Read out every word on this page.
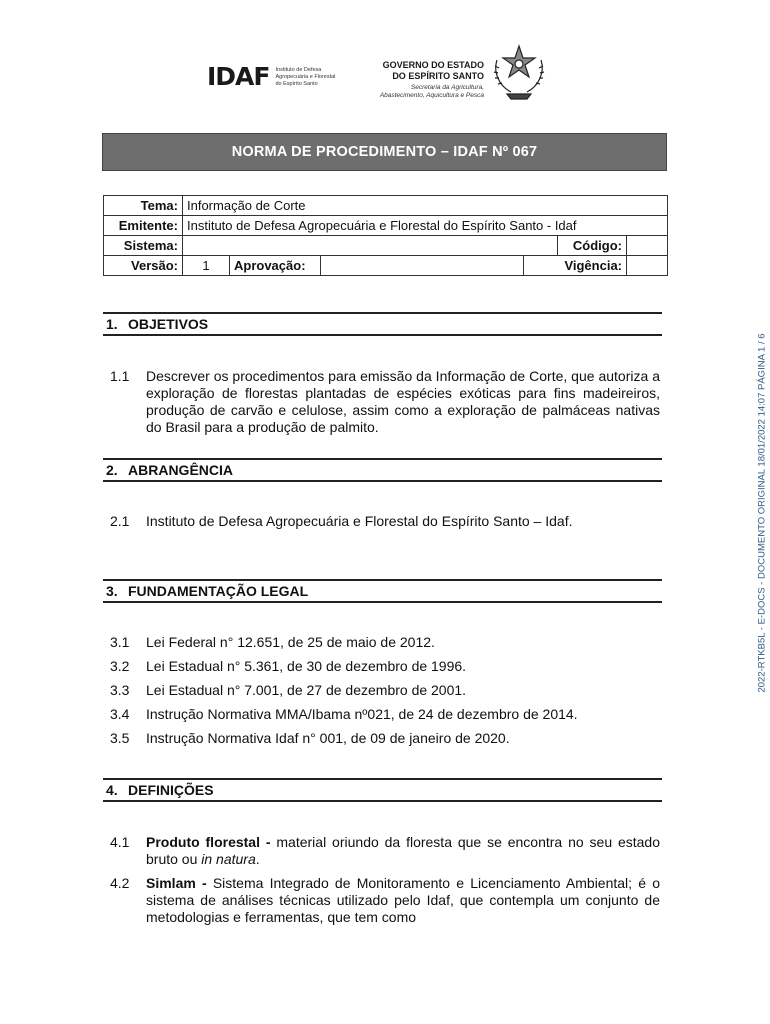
IDAF Instituto de Defesa
Agropecuária e Florestal
do Espírito Santo
GOVERNO DO ESTADO
DO ESPÍRITO SANTO
Secretaria da Agricultura,
Abastecimento, Aquicultura e Pesca
NORMA DE PROCEDIMENTO – IDAF Nº 067
Tema:	Informação de Corte					
Emitente:	Instituto de Defesa Agropecuária e Florestal do Espírito Santo - Idaf					
Sistema:					Código:	
Versão:	1	Aprovação:		Vigência:		
1. OBJETIVOS
1.1	Descrever os procedimentos para emissão da Informação de Corte, que autoriza a exploração de florestas plantadas de espécies exóticas para fins madeireiros, produção de carvão e celulose, assim como a exploração de palmáceas nativas do Brasil para a produção de palmito.
2. ABRANGÊNCIA
2.1	Instituto de Defesa Agropecuária e Florestal do Espírito Santo – Idaf.
3. FUNDAMENTAÇÃO LEGAL
3.1	Lei Federal n° 12.651, de 25 de maio de 2012.
3.2	Lei Estadual n° 5.361, de 30 de dezembro de 1996.
3.3	Lei Estadual n° 7.001, de 27 de dezembro de 2001.
3.4	Instrução Normativa MMA/Ibama nº021, de 24 de dezembro de 2014.
3.5	Instrução Normativa Idaf n° 001, de 09 de janeiro de 2020.
4. DEFINIÇÕES
4.1	Produto florestal - material oriundo da floresta que se encontra no seu estado bruto ou in natura.
4.2	Simlam - Sistema Integrado de Monitoramento e Licenciamento Ambiental; é o sistema de análises técnicas utilizado pelo Idaf, que contempla um conjunto de metodologias e ferramentas, que tem como
2022-RTKB5L - E-DOCS - DOCUMENTO ORIGINAL 18/01/2022 14:07 PÁGINA 1 / 6
